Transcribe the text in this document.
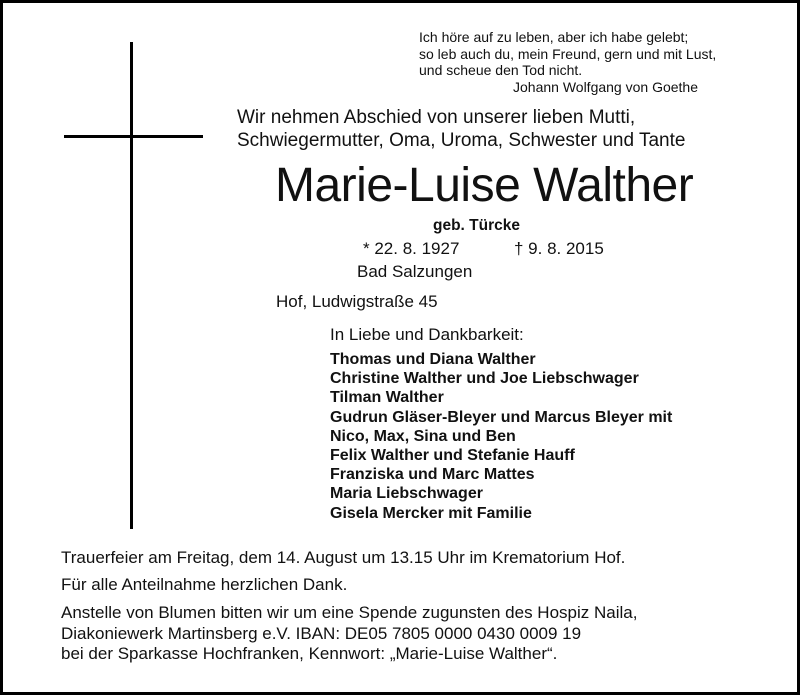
Ich höre auf zu leben, aber ich habe gelebt;
so leb auch du, mein Freund, gern und mit Lust,
und scheue den Tod nicht.
Johann Wolfgang von Goethe
Wir nehmen Abschied von unserer lieben Mutti,
Schwiegermutter, Oma, Uroma, Schwester und Tante
Marie-Luise Walther
geb. Türcke
* 22. 8. 1927	† 9. 8. 2015
Bad Salzungen
Hof, Ludwigstraße 45
In Liebe und Dankbarkeit:
Thomas und Diana Walther
Christine Walther und Joe Liebschwager
Tilman Walther
Gudrun Gläser-Bleyer und Marcus Bleyer mit
Nico, Max, Sina und Ben
Felix Walther und Stefanie Hauff
Franziska und Marc Mattes
Maria Liebschwager
Gisela Mercker mit Familie
Trauerfeier am Freitag, dem 14. August um 13.15 Uhr im Krematorium Hof.
Für alle Anteilnahme herzlichen Dank.
Anstelle von Blumen bitten wir um eine Spende zugunsten des Hospiz Naila,
Diakoniewerk Martinsberg e.V. IBAN: DE05 7805 0000 0430 0009 19
bei der Sparkasse Hochfranken, Kennwort: „Marie-Luise Walther“.
